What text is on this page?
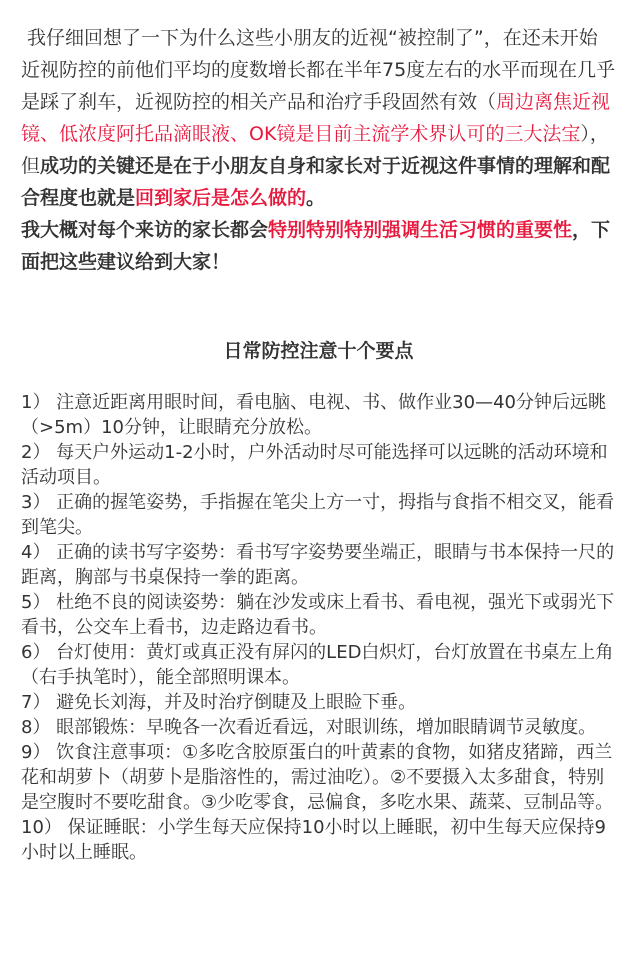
我仔细回想了一下为什么这些小朋友的近视“被控制了”，在还未开始近视防控的前他们平均的度数增长都在半年75度左右的水平而现在几乎是踩了刹车，近视防控的相关产品和治疗手段固然有效（周边离焦近视镜、低浓度阿托品滴眼液、OK镜是目前主流学术界认可的三大法宝），但成功的关键还是在于小朋友自身和家长对于近视这件事情的理解和配合程度也就是回到家后是怎么做的。

我大概对每个来访的家长都会特别特别特别强调生活习惯的重要性，下面把这些建议给到大家！

日常防控注意十个要点
1） 注意近距离用眼时间，看电脑、电视、书、做作业30—40分钟后远眺（>5m）10分钟，让眼睛充分放松。
2） 每天户外运动1-2小时，户外活动时尽可能选择可以远眺的活动环境和活动项目。
3） 正确的握笔姿势，手指握在笔尖上方一寸，拇指与食指不相交叉，能看到笔尖。
4） 正确的读书写字姿势：看书写字姿势要坐端正，眼睛与书本保持一尺的距离，胸部与书桌保持一拳的距离。
5） 杜绝不良的阅读姿势：躺在沙发或床上看书、看电视，强光下或弱光下看书，公交车上看书，边走路边看书。
6） 台灯使用：黄灯或真正没有屏闪的LED白炽灯，台灯放置在书桌左上角（右手执笔时），能全部照明课本。
7） 避免长刘海，并及时治疗倒睫及上眼睑下垂。
8） 眼部锻炼：早晚各一次看近看远，对眼训练，增加眼睛调节灵敏度。
9） 饮食注意事项：①多吃含胶原蛋白的叶黄素的食物，如猪皮猪蹄，西兰花和胡萝卜（胡萝卜是脂溶性的，需过油吃）。②不要摄入太多甜食，特别是空腹时不要吃甜食。③少吃零食，忌偏食，多吃水果、蔬菜、豆制品等。
10） 保证睡眠：小学生每天应保持10小时以上睡眠，初中生每天应保持9小时以上睡眠。
